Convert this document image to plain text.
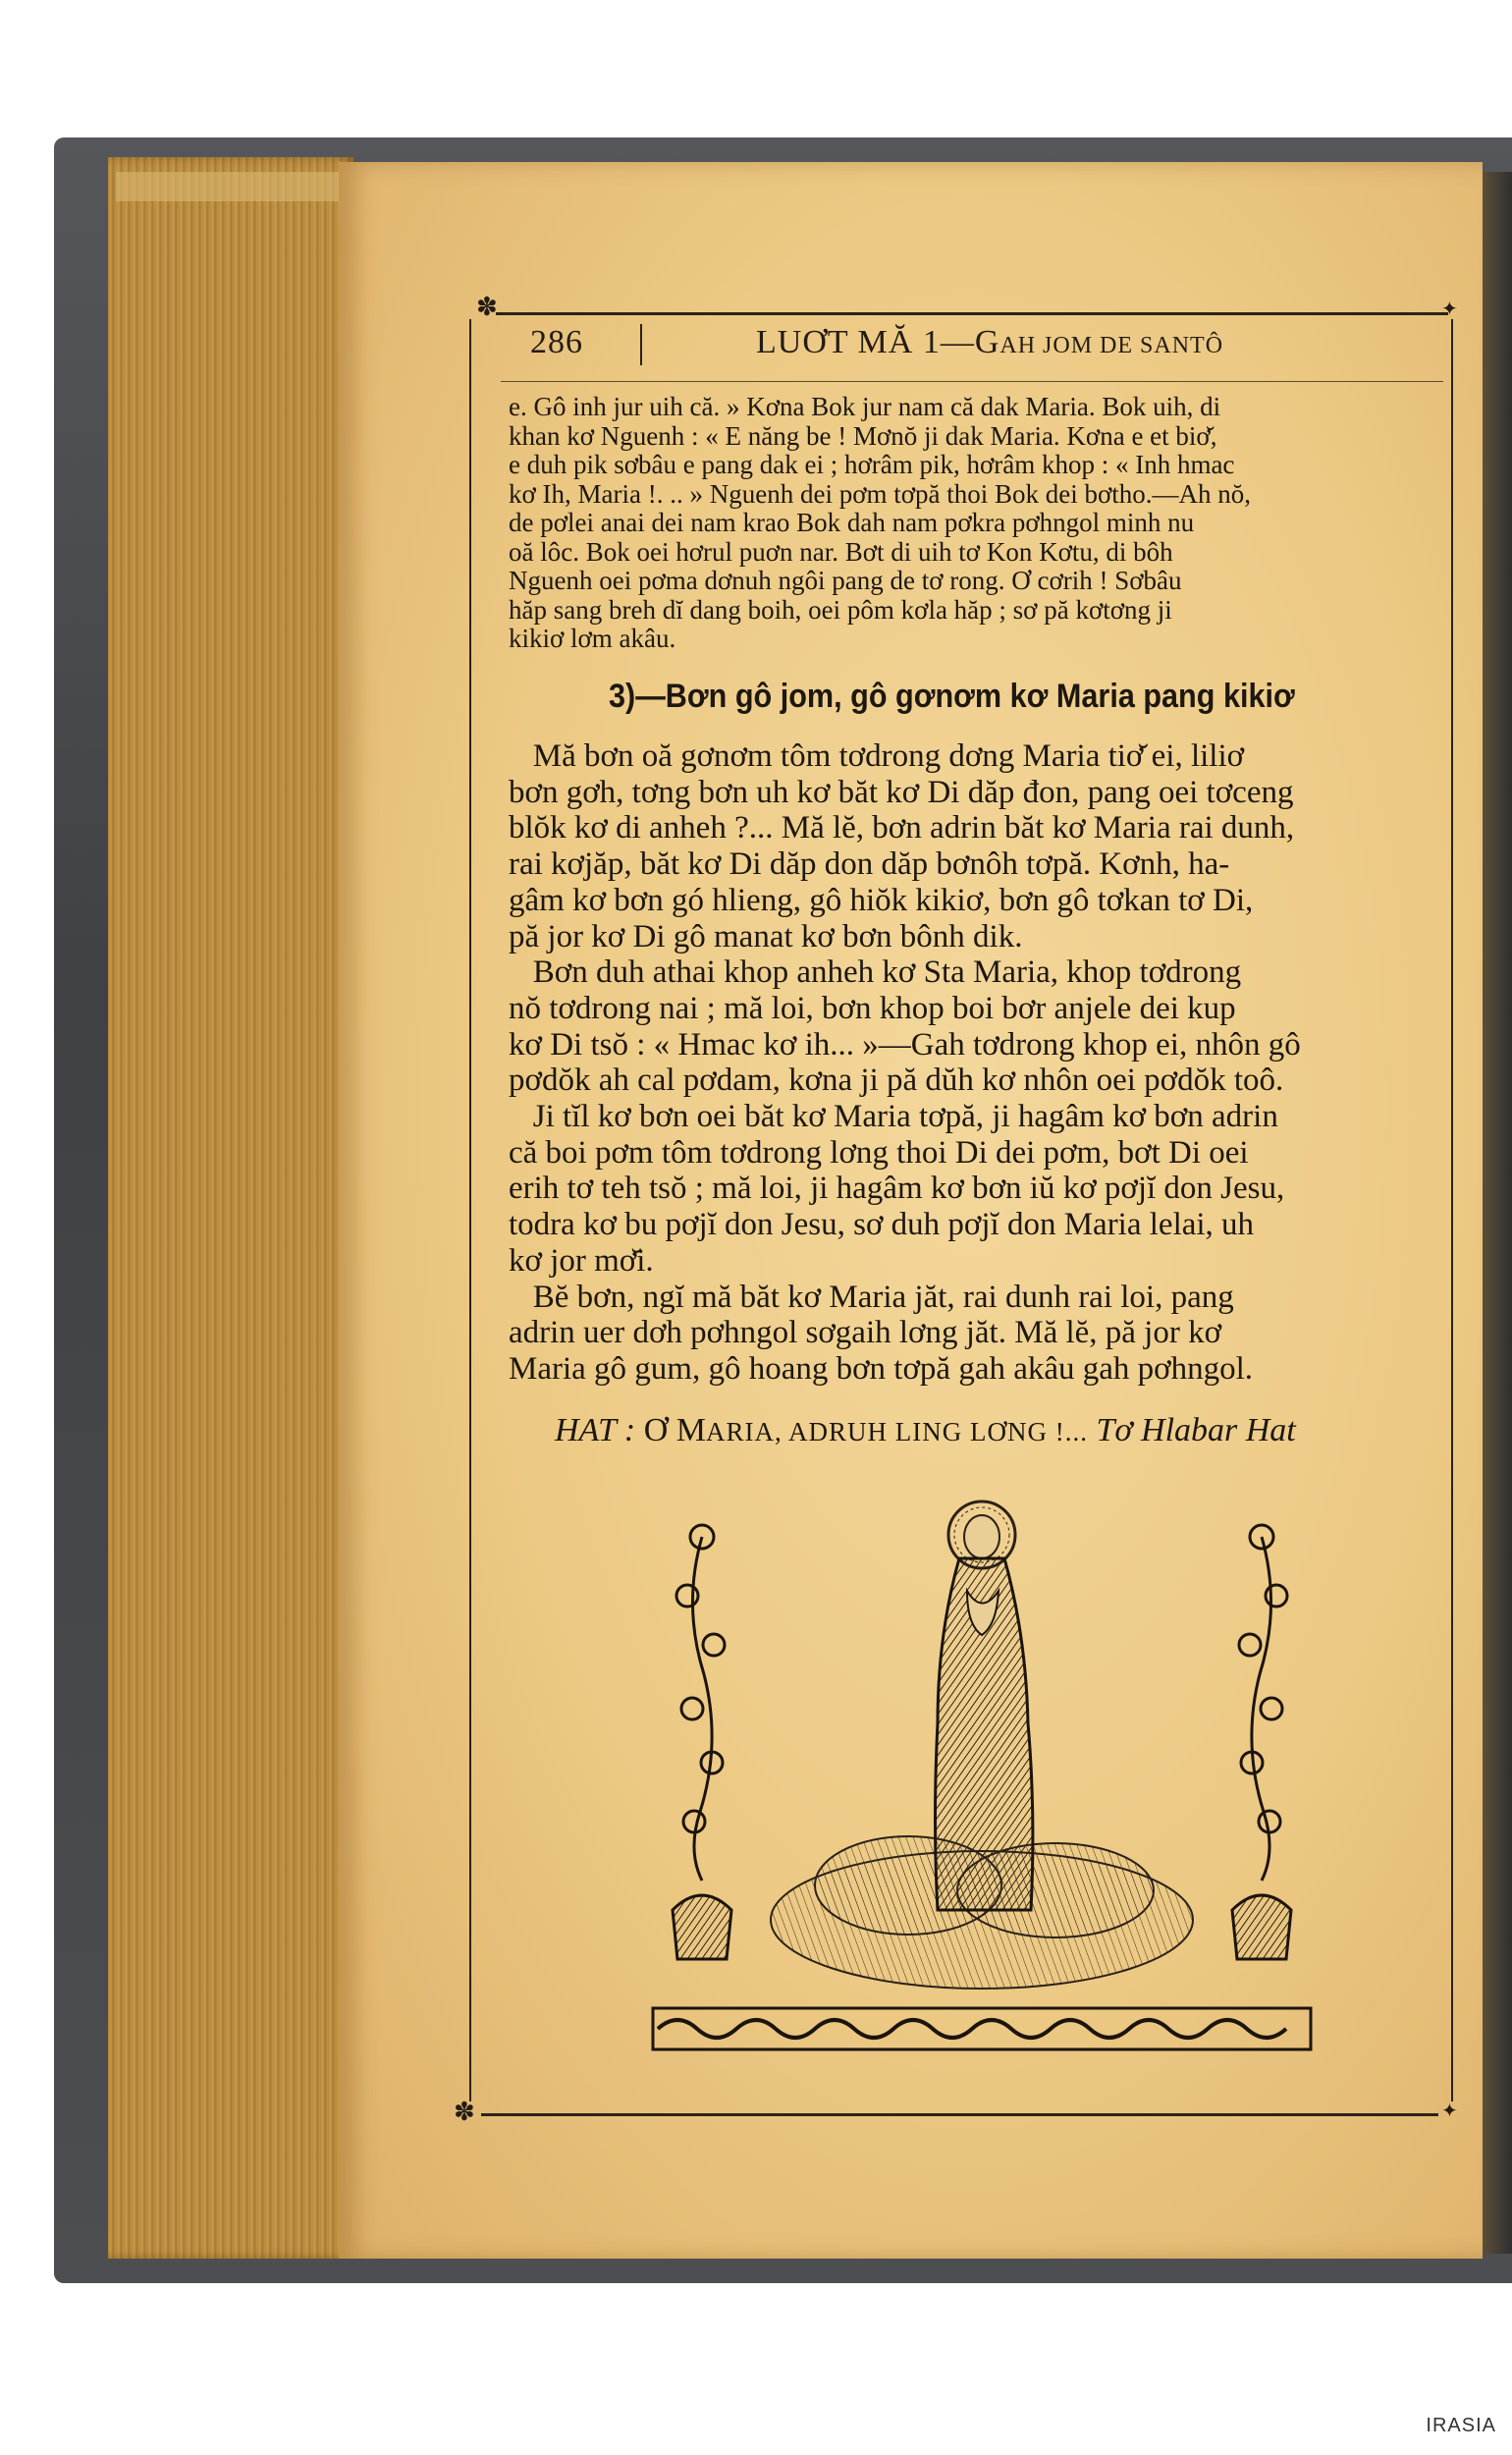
✽	✦
✽	✦
286	LUƠT MĂ 1—GAH JOM DE SANTÔ
e. Gô inh jur uih că. » Kơna Bok jur nam că dak Maria. Bok uih, di
khan kơ Nguenh : « E năng be ! Mơnŏ ji dak Maria. Kơna e et biơ̆,
e duh pik sơbâu e pang dak ei ; hơrâm pik, hơrâm khop : « Inh hmac
kơ Ih, Maria !. .. » Nguenh dei pơm tơpă thoi Bok dei bơtho.—Ah nŏ,
de pơlei anai dei nam krao Bok dah nam pơkra pơhngol minh nu
oă lôc. Bok oei hơrul puơn nar. Bơt di uih tơ Kon Kơtu, di bôh
Nguenh oei pơma dơnuh ngôi pang de tơ rong. Ơ cơrih ! Sơbâu
hăp sang breh dĭ dang boih, oei pôm kơla hăp ; sơ pă kơtơng ji
kikiơ lơm akâu.
3)—Bơn gô jom, gô gơnơm kơ Maria pang kikiơ
Mă bơn oă gơnơm tôm tơdrong dơng Maria tiơ̆ ei, liliơ
bơn gơh, tơng bơn uh kơ băt kơ Di dăp đon, pang oei tơceng
blŏk kơ di anheh ?... Mă lĕ, bơn adrin băt kơ Maria rai dunh,
rai kơjăp, băt kơ Di dăp don dăp bơnôh tơpă. Kơnh, ha-
gâm kơ bơn gó hlieng, gô hiŏk kikiơ, bơn gô tơkan tơ Di,
pă jor kơ Di gô manat kơ bơn bônh dik.
Bơn duh athai khop anheh kơ Sta Maria, khop tơdrong
nŏ tơdrong nai ; mă loi, bơn khop boi bơr anjele dei kup
kơ Di tsŏ : « Hmac kơ ih... »—Gah tơdrong khop ei, nhôn gô
pơdŏk ah cal pơdam, kơna ji pă dŭh kơ nhôn oei pơdŏk toô.
Ji tĭl kơ bơn oei băt kơ Maria tơpă, ji hagâm kơ bơn adrin
că boi pơm tôm tơdrong lơng thoi Di dei pơm, bơt Di oei
erih tơ teh tsŏ ; mă loi, ji hagâm kơ bơn iŭ kơ pơjĭ don Jesu,
todra kơ bu pơjĭ don Jesu, sơ duh pơjĭ don Maria lelai, uh
kơ jor mơ̆i.
Bĕ bơn, ngĭ mă băt kơ Maria jăt, rai dunh rai loi, pang
adrin uer dơh pơhngol sơgaih lơng jăt. Mă lĕ, pă jor kơ
Maria gô gum, gô hoang bơn tơpă gah akâu gah pơhngol.
HAT : Ơ MARIA, ADRUH LING LƠNG !... Tơ Hlabar Hat
IRASIA
